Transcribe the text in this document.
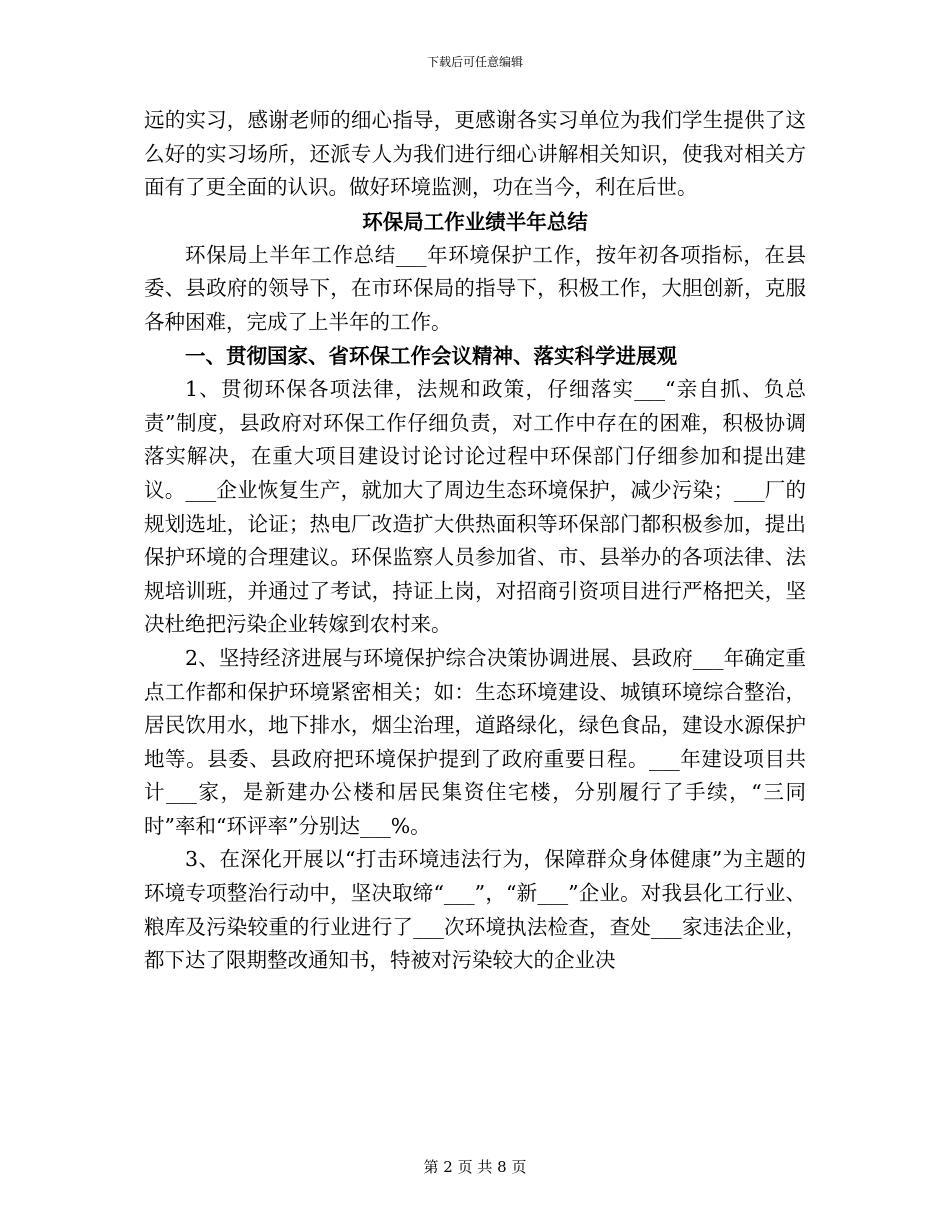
下载后可任意编辑

远的实习，感谢老师的细心指导，更感谢各实习单位为我们学生提供了这么好的实习场所，还派专人为我们进行细心讲解相关知识，使我对相关方面有了更全面的认识。做好环境监测，功在当今，利在后世。

环保局工作业绩半年总结

环保局上半年工作总结___年环境保护工作，按年初各项指标，在县委、县政府的领导下，在市环保局的指导下，积极工作，大胆创新，克服各种困难，完成了上半年的工作。

一、贯彻国家、省环保工作会议精神、落实科学进展观

1、贯彻环保各项法律，法规和政策，仔细落实___“亲自抓、负总责”制度，县政府对环保工作仔细负责，对工作中存在的困难，积极协调落实解决，在重大项目建设讨论讨论过程中环保部门仔细参加和提出建议。___企业恢复生产，就加大了周边生态环境保护，减少污染；___厂的规划选址，论证；热电厂改造扩大供热面积等环保部门都积极参加，提出保护环境的合理建议。环保监察人员参加省、市、县举办的各项法律、法规培训班，并通过了考试，持证上岗，对招商引资项目进行严格把关，坚决杜绝把污染企业转嫁到农村来。

2、坚持经济进展与环境保护综合决策协调进展、县政府___年确定重点工作都和保护环境紧密相关；如：生态环境建设、城镇环境综合整治，居民饮用水，地下排水，烟尘治理，道路绿化，绿色食品，建设水源保护地等。县委、县政府把环境保护提到了政府重要日程。___年建设项目共计___家，是新建办公楼和居民集资住宅楼，分别履行了手续，“三同时”率和“环评率”分别达___%。

3、在深化开展以“打击环境违法行为，保障群众身体健康”为主题的环境专项整治行动中，坚决取缔“___”，“新___”企业。对我县化工行业、粮库及污染较重的行业进行了___次环境执法检查，查处___家违法企业，都下达了限期整改通知书，特被对污染较大的企业决

第 2 页 共 8 页
